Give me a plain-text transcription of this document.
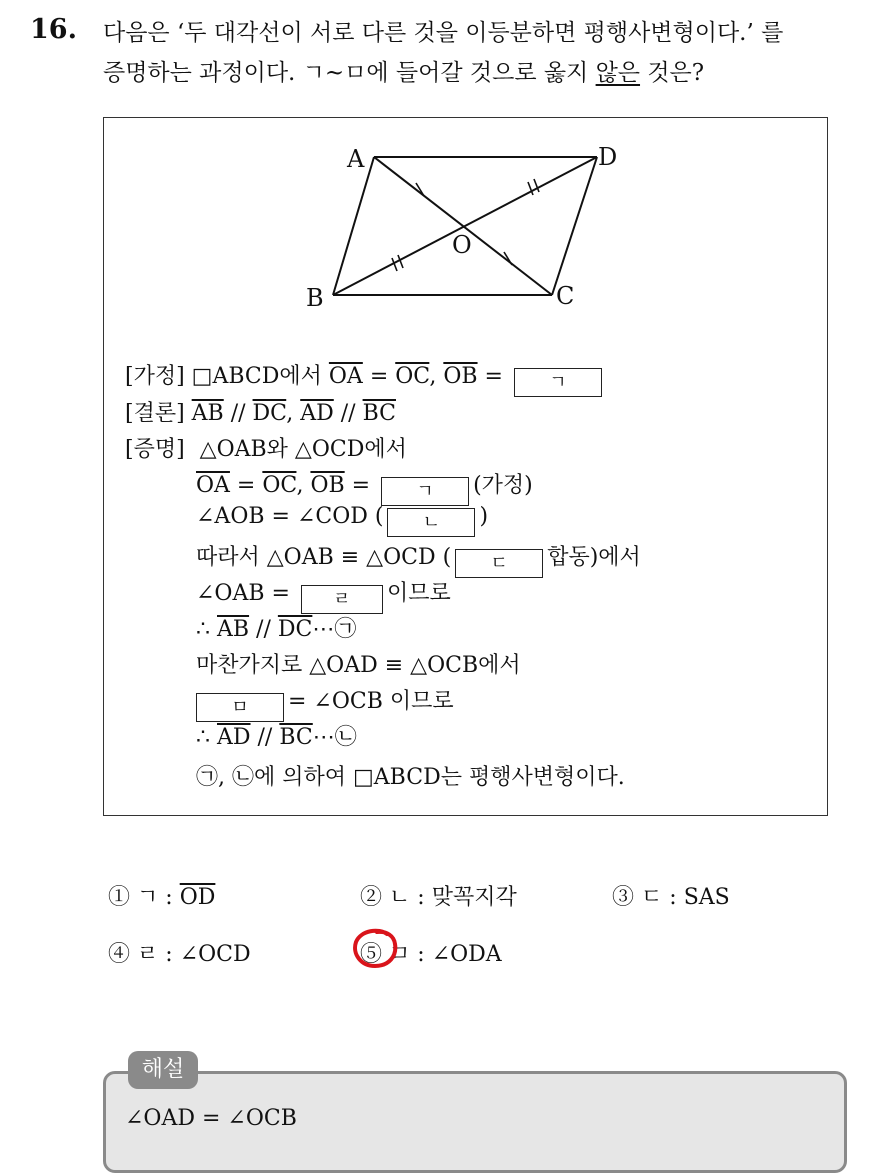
16. 다음은 ‘두 대각선이 서로 다른 것을 이등분하면 평행사변형이다.’ 를
증명하는 과정이다. ㄱ~ㅁ에 들어갈 것으로 옳지 않은 것은?
A	D
B	C
O
[가정] □ABCD에서 $\overline{OA} = \overline{OC}$, $\overline{OB}$ = ㄱ
[결론] $\overline{AB} // \overline{DC}$, $\overline{AD} // \overline{BC}$
[증명] △OAB와 △OCD에서
$\overline{OA} = \overline{OC}$, $\overline{OB}$ = ㄱ (가정)
∠AOB = ∠COD ( ㄴ )
따라서 △OAB ≡ △OCD ( ㄷ 합동)에서
∠OAB = ㄹ 이므로
∴ $\overline{AB}$ // $\overline{DC}\cdots㉠$
마찬가지로 △OAD ≡ △OCB에서
ㅁ = ∠OCB 이므로
∴ $\overline{AD}$ // $\overline{BC}\cdots㉡$
㉠, ㉡에 의하여 □ABCD는 평행사변형이다.
① ㄱ : $\overline{OD}$	② ㄴ : 맞꼭지각	③ ㄷ : SAS
④ ㄹ : ∠OCD	⑤ ㅁ : ∠ODA
해설
∠OAD = ∠OCB
